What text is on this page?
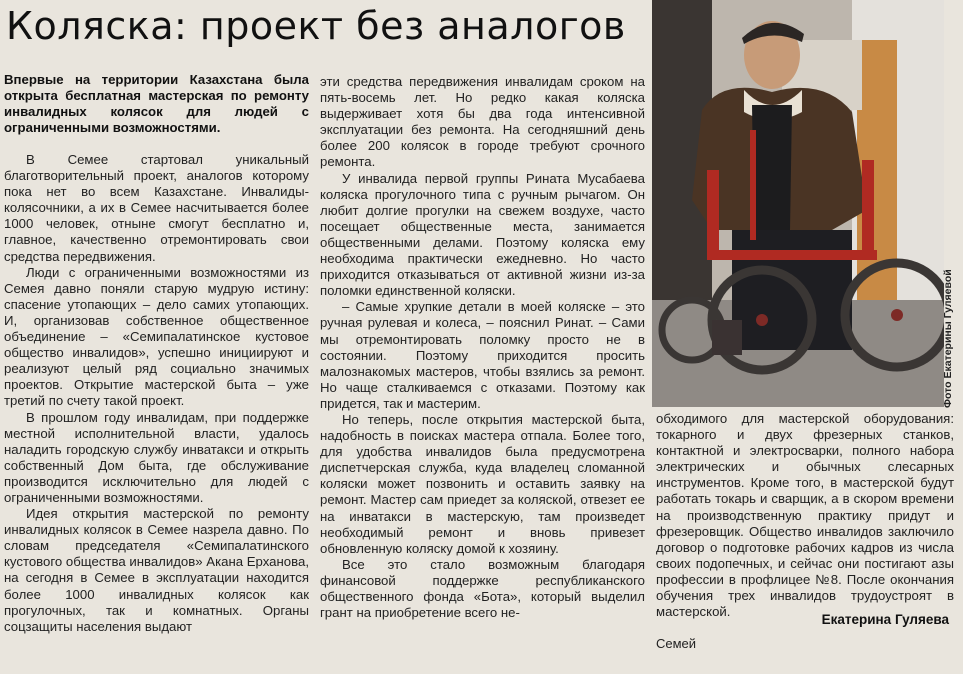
Коляска: проект без аналогов

Впервые на территории Казахстана была открыта бесплатная мастерская по ремонту инвалидных колясок для людей с ограниченными возможностями.

В Семее стартовал уникальный благотворительный проект, аналогов которому пока нет во всем Казахстане. Инвалиды-колясочники, а их в Семее насчитывается более 1000 человек, отныне смогут бесплатно и, главное, качественно отремонтировать свои средства передвижения.

Люди с ограниченными возможностями из Семея давно поняли старую мудрую истину: спасение утопающих – дело самих утопающих. И, организовав собственное общественное объединение – «Семипалатинское кустовое общество инвалидов», успешно инициируют и реализуют целый ряд социально значимых проектов. Открытие мастерской быта – уже третий по счету такой проект.

В прошлом году инвалидам, при поддержке местной исполнительной власти, удалось наладить городскую службу инватакси и открыть собственный Дом быта, где обслуживание производится исключительно для людей с ограниченными возможностями.

Идея открытия мастерской по ремонту инвалидных колясок в Семее назрела давно. По словам председателя «Семипалатинского кустового общества инвалидов» Акана Ерханова, на сегодня в Семее в эксплуатации находится более 1000 инвалидных колясок как прогулочных, так и комнатных. Органы соцзащиты населения выдают

эти средства передвижения инвалидам сроком на пять-восемь лет. Но редко какая коляска выдерживает хотя бы два года интенсивной эксплуатации без ремонта. На сегодняшний день более 200 колясок в городе требуют срочного ремонта.

У инвалида первой группы Рината Мусабаева коляска прогулочного типа с ручным рычагом. Он любит долгие прогулки на свежем воздухе, часто посещает общественные места, занимается общественными делами. Поэтому коляска ему необходима практически ежедневно. Но часто приходится отказываться от активной жизни из-за поломки единственной коляски.

– Самые хрупкие детали в моей коляске – это ручная рулевая и колеса, – пояснил Ринат. – Сами мы отремонтировать поломку просто не в состоянии. Поэтому приходится просить малознакомых мастеров, чтобы взялись за ремонт. Но чаще сталкиваемся с отказами. Поэтому как придется, так и мастерим.

Но теперь, после открытия мастерской быта, надобность в поисках мастера отпала. Более того, для удобства инвалидов была предусмотрена диспетчерская служба, куда владелец сломанной коляски может позвонить и оставить заявку на ремонт. Мастер сам приедет за коляской, отвезет ее на инватакси в мастерскую, там произведет необходимый ремонт и вновь привезет обновленную коляску домой к хозяину.

Все это стало возможным благодаря финансовой поддержке республиканского общественного фонда «Бота», который выделил грант на приобретение всего не-

Фото Екатерины Гуляевой

обходимого для мастерской оборудования: токарного и двух фрезерных станков, контактной и электросварки, полного набора электрических и обычных слесарных инструментов. Кроме того, в мастерской будут работать токарь и сварщик, а в скором времени на производственную практику придут и фрезеровщик. Общество инвалидов заключило договор о подготовке рабочих кадров из числа своих подопечных, и сейчас они постигают азы профессии в профлицее №8. После окончания обучения трех инвалидов трудоустроят в мастерской.

Екатерина Гуляева
Семей
